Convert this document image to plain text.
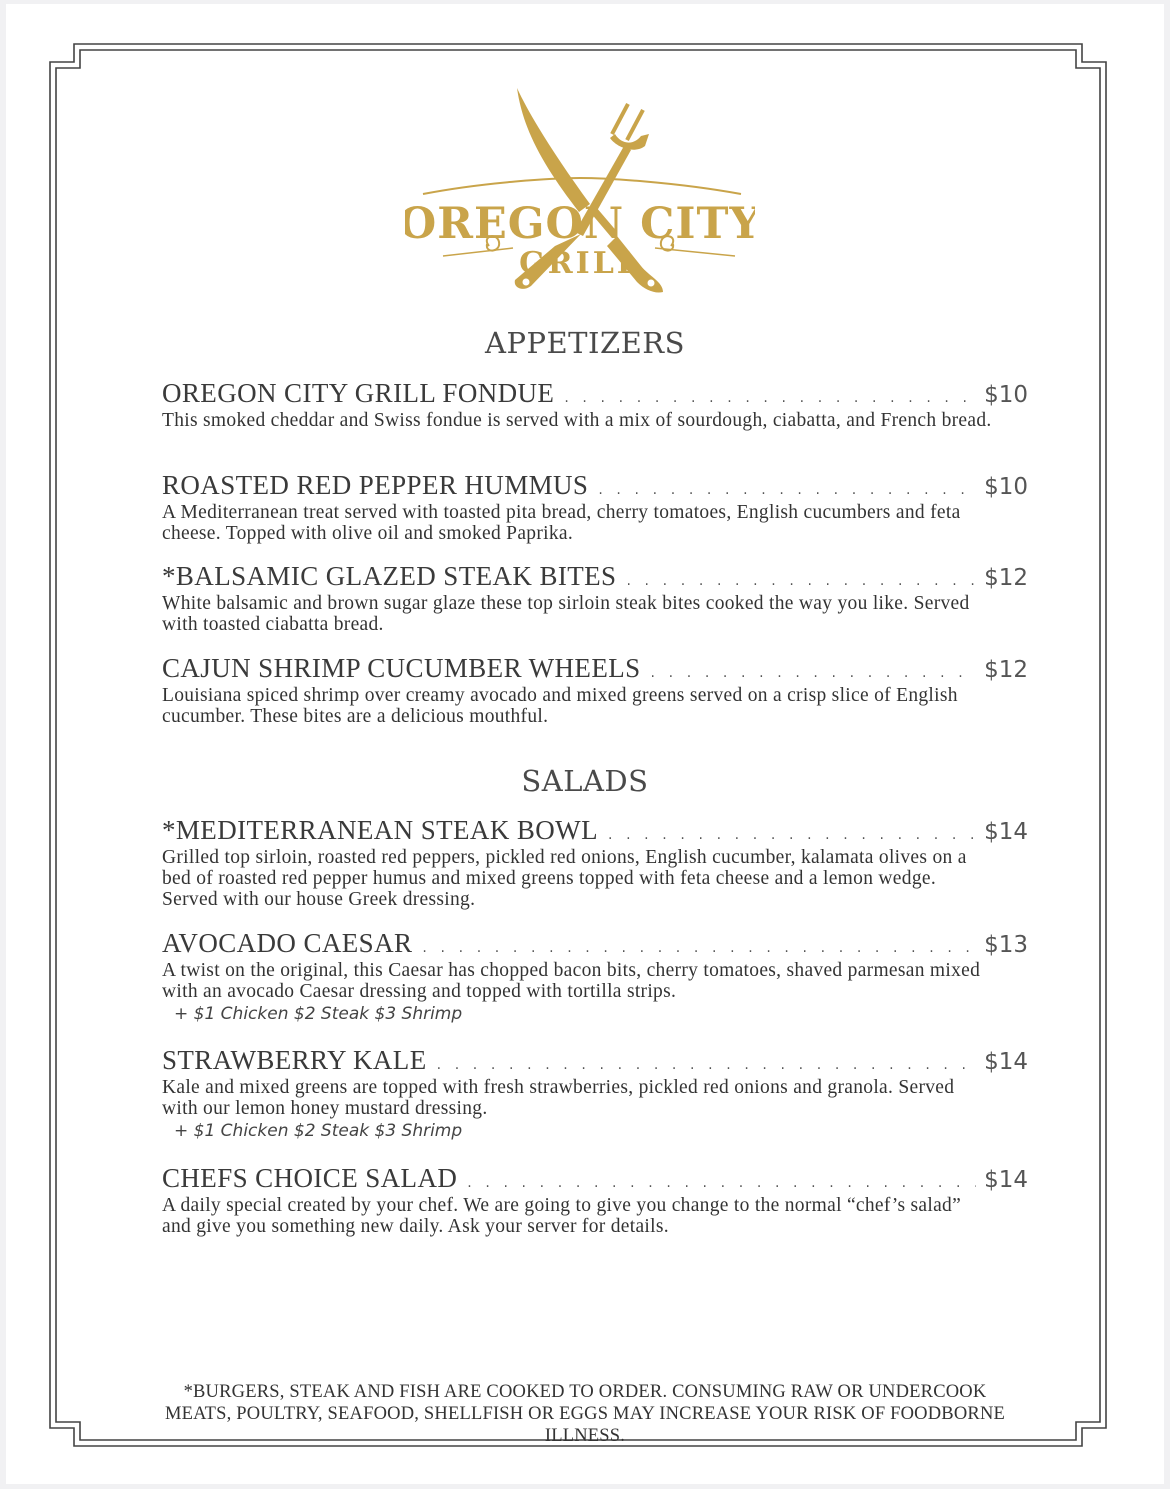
OREGON CITY
GRILL
APPETIZERS
OREGON CITY GRILL FONDUE . . .	$10
This smoked cheddar and Swiss fondue is served with a mix of sourdough, ciabatta, and French bread.
ROASTED RED PEPPER HUMMUS . . .	$10
A Mediterranean treat served with toasted pita bread, cherry tomatoes, English cucumbers and feta cheese. Topped with olive oil and smoked Paprika.
*BALSAMIC GLAZED STEAK BITES . . .	$12
White balsamic and brown sugar glaze these top sirloin steak bites cooked the way you like. Served with toasted ciabatta bread.
CAJUN SHRIMP CUCUMBER WHEELS . . .	$12
Louisiana spiced shrimp over creamy avocado and mixed greens served on a crisp slice of English cucumber. These bites are a delicious mouthful.
SALADS
*MEDITERRANEAN STEAK BOWL . . .	$14
Grilled top sirloin, roasted red peppers, pickled red onions, English cucumber, kalamata olives on a bed of roasted red pepper humus and mixed greens topped with feta cheese and a lemon wedge. Served with our house Greek dressing.
AVOCADO CAESAR . . .	$13
A twist on the original, this Caesar has chopped bacon bits, cherry tomatoes, shaved parmesan mixed with an avocado Caesar dressing and topped with tortilla strips.
+ $1 Chicken $2 Steak $3 Shrimp
STRAWBERRY KALE . . .	$14
Kale and mixed greens are topped with fresh strawberries, pickled red onions and granola. Served with our lemon honey mustard dressing.
+ $1 Chicken $2 Steak $3 Shrimp
CHEFS CHOICE SALAD . . .	$14
A daily special created by your chef. We are going to give you change to the normal “chef’s salad” and give you something new daily. Ask your server for details.
*BURGERS, STEAK AND FISH ARE COOKED TO ORDER. CONSUMING RAW OR UNDERCOOK MEATS, POULTRY, SEAFOOD, SHELLFISH OR EGGS MAY INCREASE YOUR RISK OF FOODBORNE ILLNESS.
